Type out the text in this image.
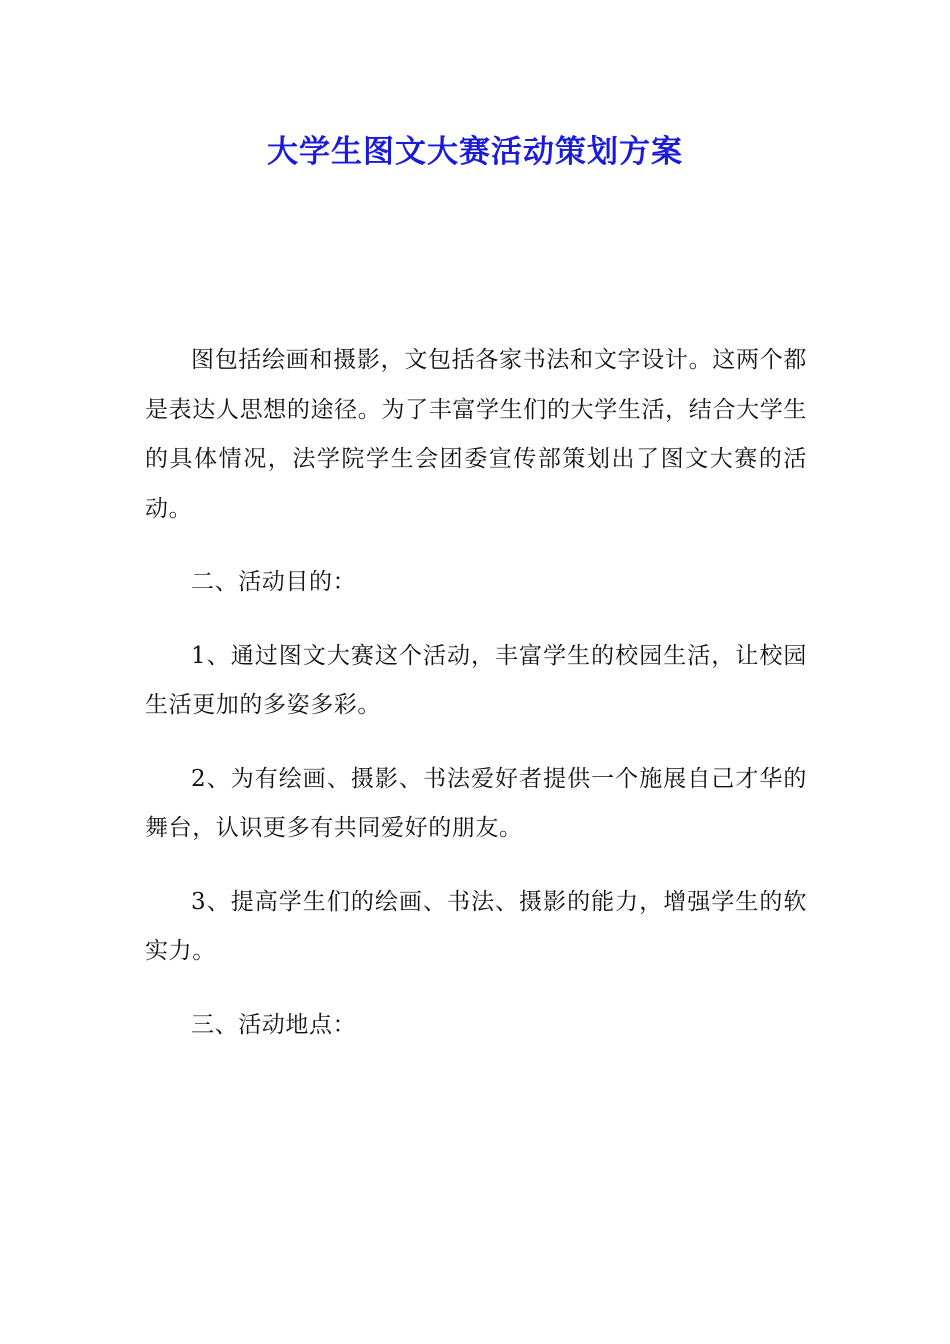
大学生图文大赛活动策划方案

图包括绘画和摄影，文包括各家书法和文字设计。这两个都是表达人思想的途径。为了丰富学生们的大学生活，结合大学生的具体情况，法学院学生会团委宣传部策划出了图文大赛的活动。

二、活动目的：

1、通过图文大赛这个活动，丰富学生的校园生活，让校园生活更加的多姿多彩。

2、为有绘画、摄影、书法爱好者提供一个施展自己才华的舞台，认识更多有共同爱好的朋友。

3、提高学生们的绘画、书法、摄影的能力，增强学生的软实力。

三、活动地点：
